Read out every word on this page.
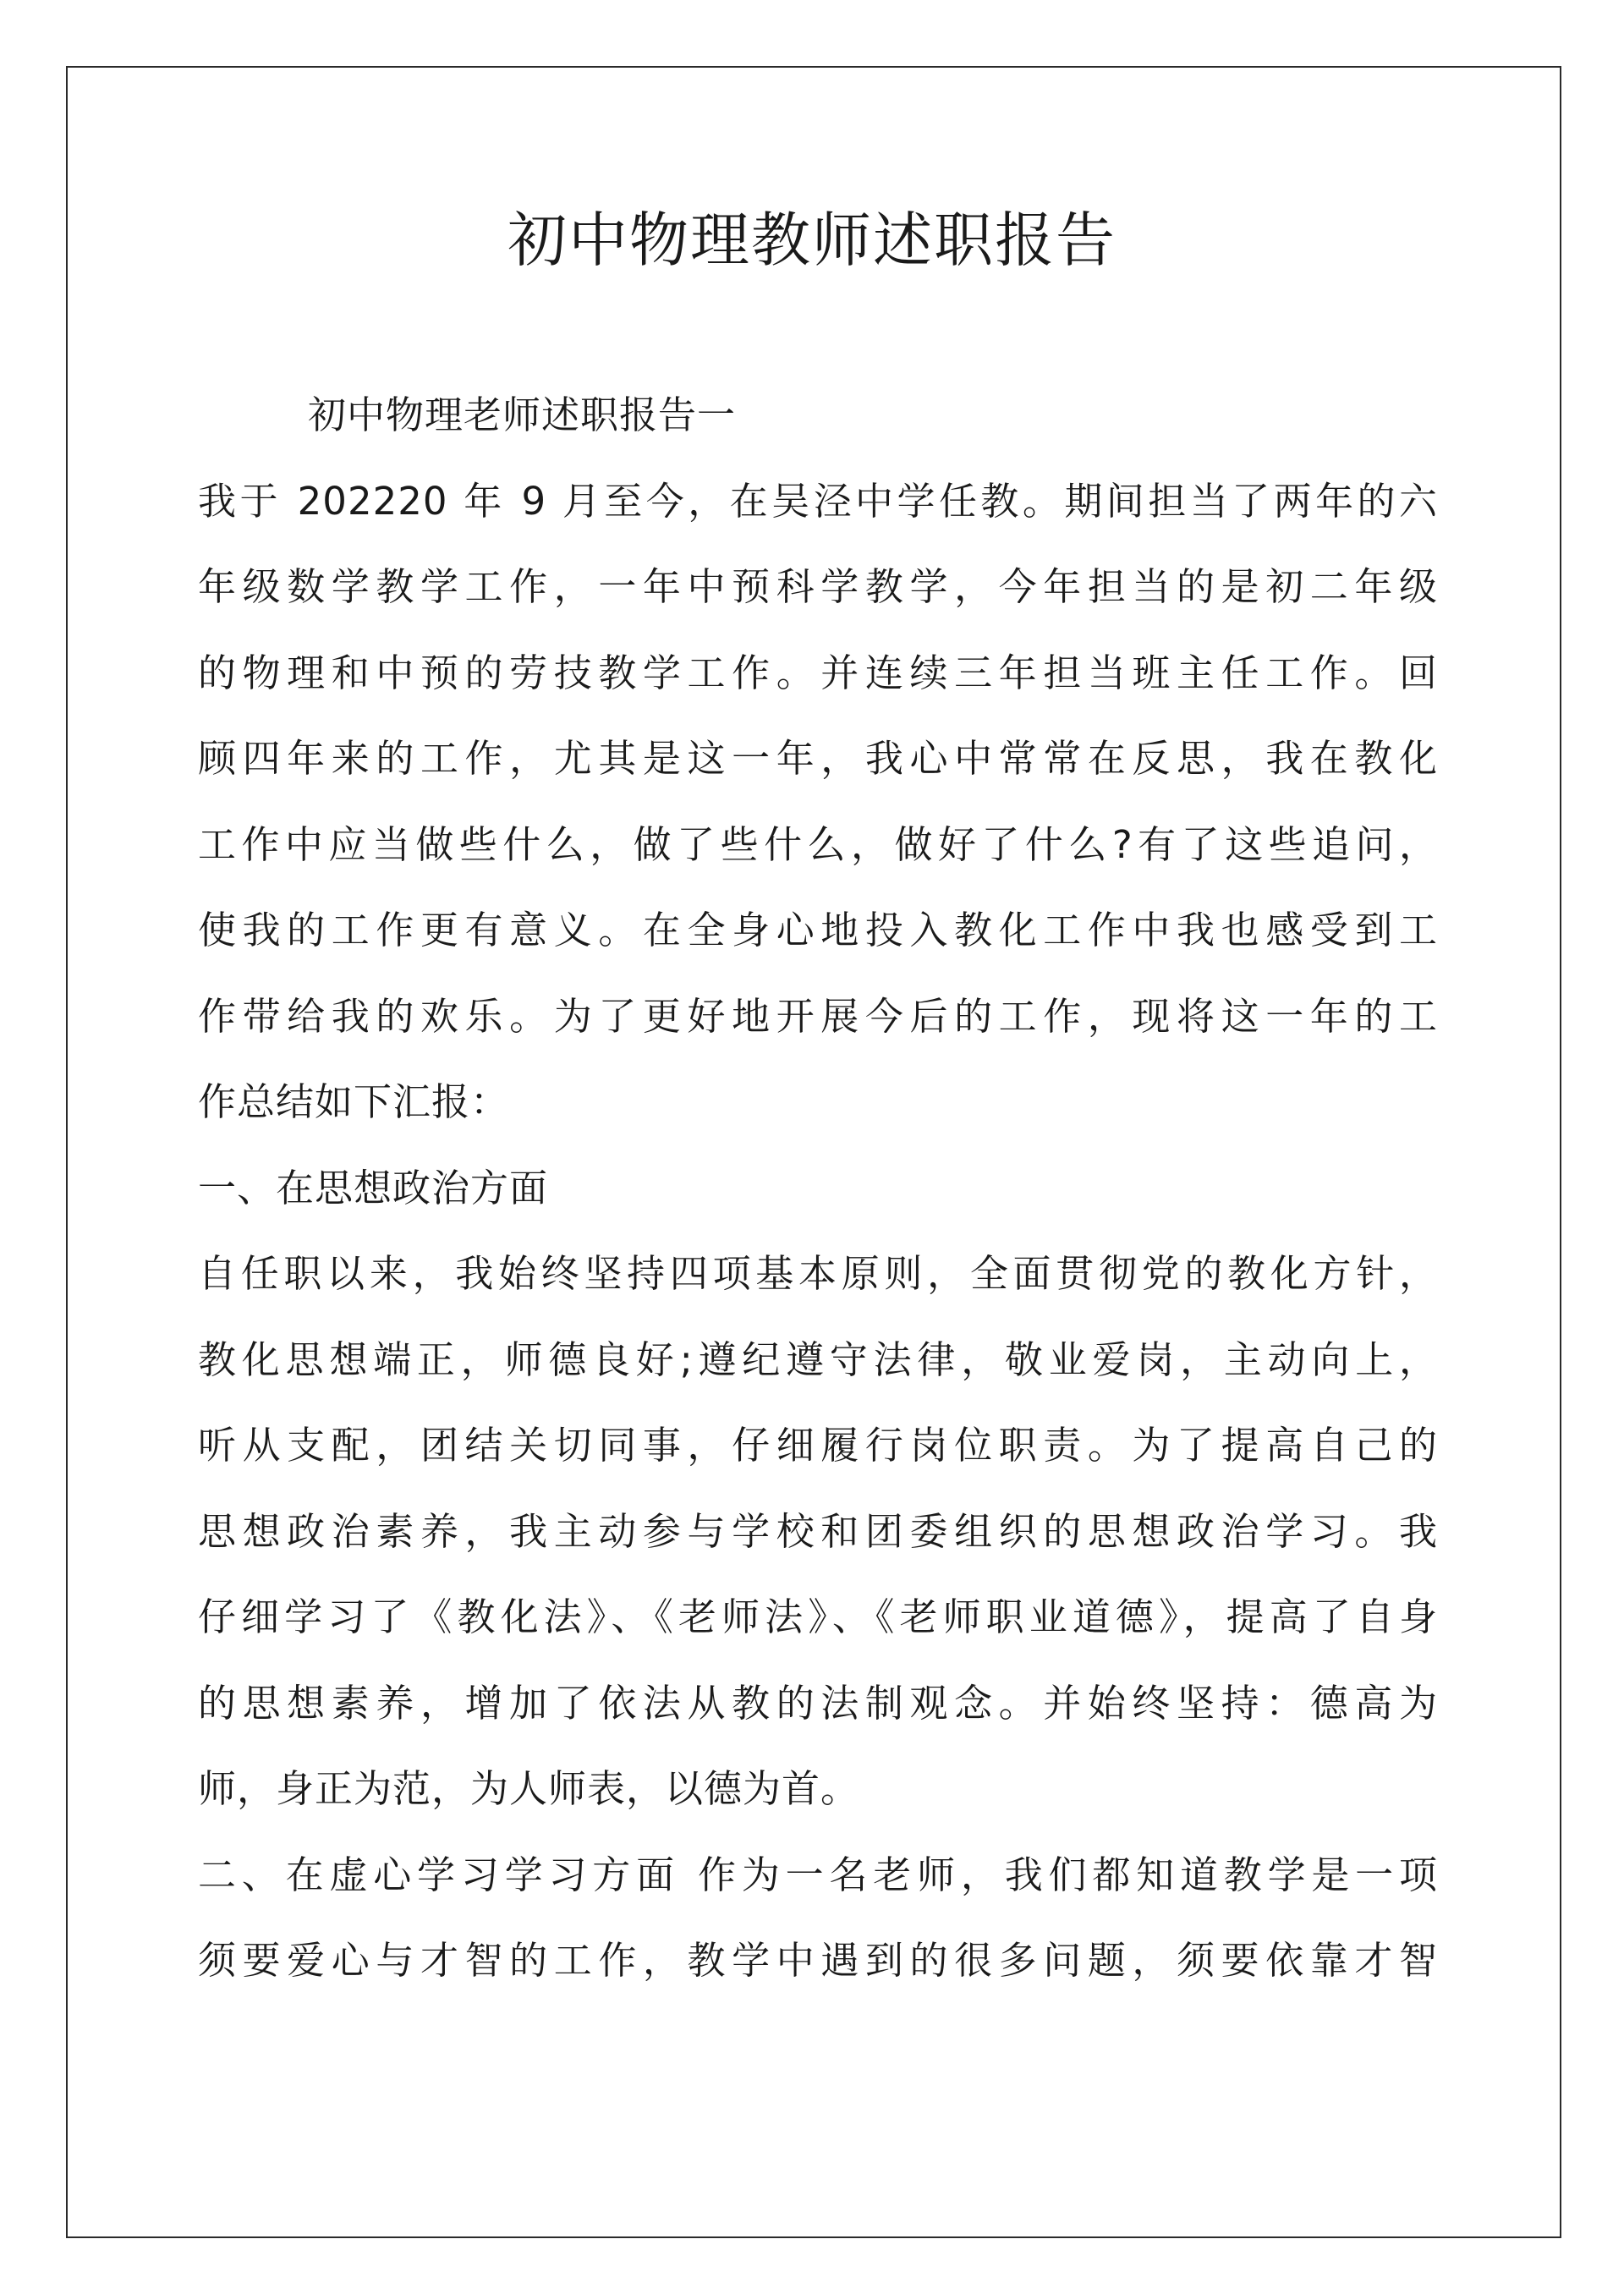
初中物理教师述职报告
初中物理老师述职报告一
我于 202220 年 9 月至今，在吴泾中学任教。期间担当了两年的六
年级数学教学工作，一年中预科学教学，今年担当的是初二年级
的物理和中预的劳技教学工作。并连续三年担当班主任工作。回
顾四年来的工作，尤其是这一年，我心中常常在反思，我在教化
工作中应当做些什么，做了些什么，做好了什么?有了这些追问，
使我的工作更有意义。在全身心地投入教化工作中我也感受到工
作带给我的欢乐。为了更好地开展今后的工作，现将这一年的工
作总结如下汇报：
一、在思想政治方面
自任职以来，我始终坚持四项基本原则，全面贯彻党的教化方针，
教化思想端正，师德良好;遵纪遵守法律，敬业爱岗，主动向上，
听从支配，团结关切同事，仔细履行岗位职责。为了提高自己的
思想政治素养，我主动参与学校和团委组织的思想政治学习。我
仔细学习了《教化法》、《老师法》、《老师职业道德》，提高了自身
的思想素养，增加了依法从教的法制观念。并始终坚持：德高为
师，身正为范，为人师表，以德为首。
二、在虚心学习学习方面 作为一名老师，我们都知道教学是一项
须要爱心与才智的工作，教学中遇到的很多问题，须要依靠才智
